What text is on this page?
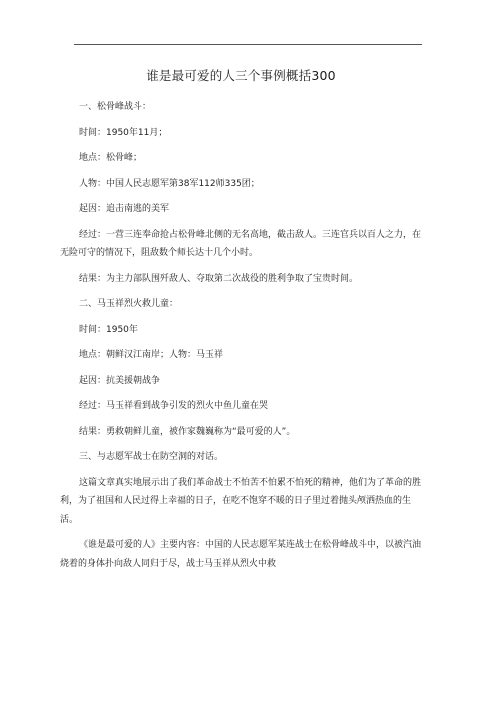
谁是最可爱的人三个事例概括300

一、松骨峰战斗：

时间：1950年11月；

地点：松骨峰；

人物：中国人民志愿军第38军112师335团；

起因：追击南逃的美军

经过：一营三连奉命抢占松骨峰北侧的无名高地，截击敌人。三连官兵以百人之力，在无险可守的情况下，阻敌数个师长达十几个小时。

结果：为主力部队围歼敌人、夺取第二次战役的胜利争取了宝贵时间。

二、马玉祥烈火救儿童：

时间：1950年

地点：朝鲜汉江南岸；人物：马玉祥

起因：抗美援朝战争

经过：马玉祥看到战争引发的烈火中鱼儿童在哭

结果：勇救朝鲜儿童，被作家魏巍称为“最可爱的人”。

三、与志愿军战士在防空洞的对话。

这篇文章真实地展示出了我们革命战士不怕苦不怕累不怕死的精神，他们为了革命的胜利，为了祖国和人民过得上幸福的日子，在吃不饱穿不暖的日子里过着抛头颅洒热血的生活。

《谁是最可爱的人》主要内容：中国的人民志愿军某连战士在松骨峰战斗中，以被汽油烧着的身体扑向敌人同归于尽，战士马玉祥从烈火中救
